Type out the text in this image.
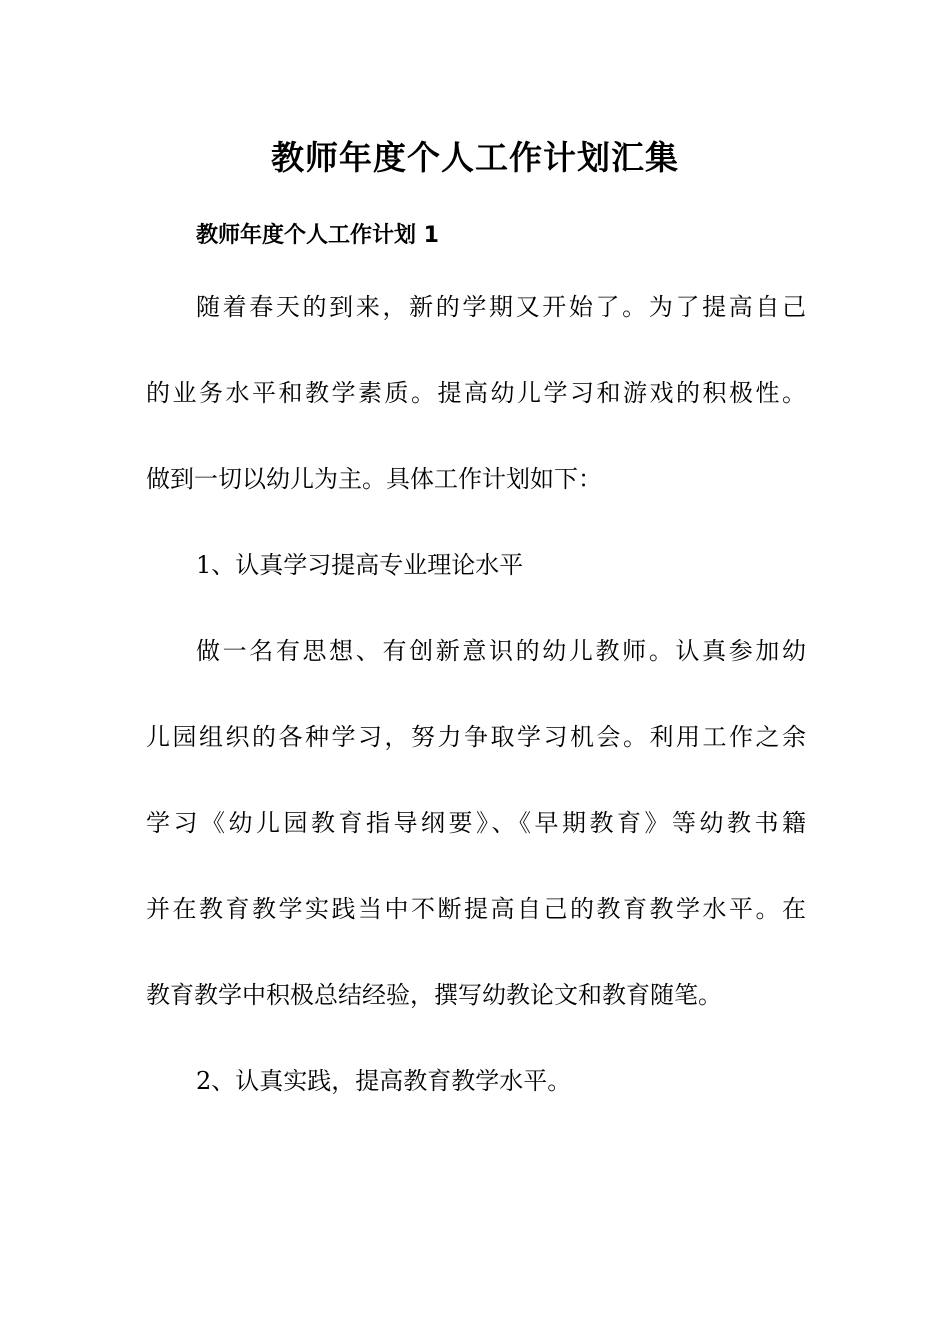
教师年度个人工作计划汇集
教师年度个人工作计划 1

随着春天的到来，新的学期又开始了。为了提高自己

的业务水平和教学素质。提高幼儿学习和游戏的积极性。

做到一切以幼儿为主。具体工作计划如下：

1、认真学习提高专业理论水平

做一名有思想、有创新意识的幼儿教师。认真参加幼

儿园组织的各种学习，努力争取学习机会。利用工作之余

学习《幼儿园教育指导纲要》、《早期教育》等幼教书籍

并在教育教学实践当中不断提高自己的教育教学水平。在

教育教学中积极总结经验，撰写幼教论文和教育随笔。

2、认真实践，提高教育教学水平。
